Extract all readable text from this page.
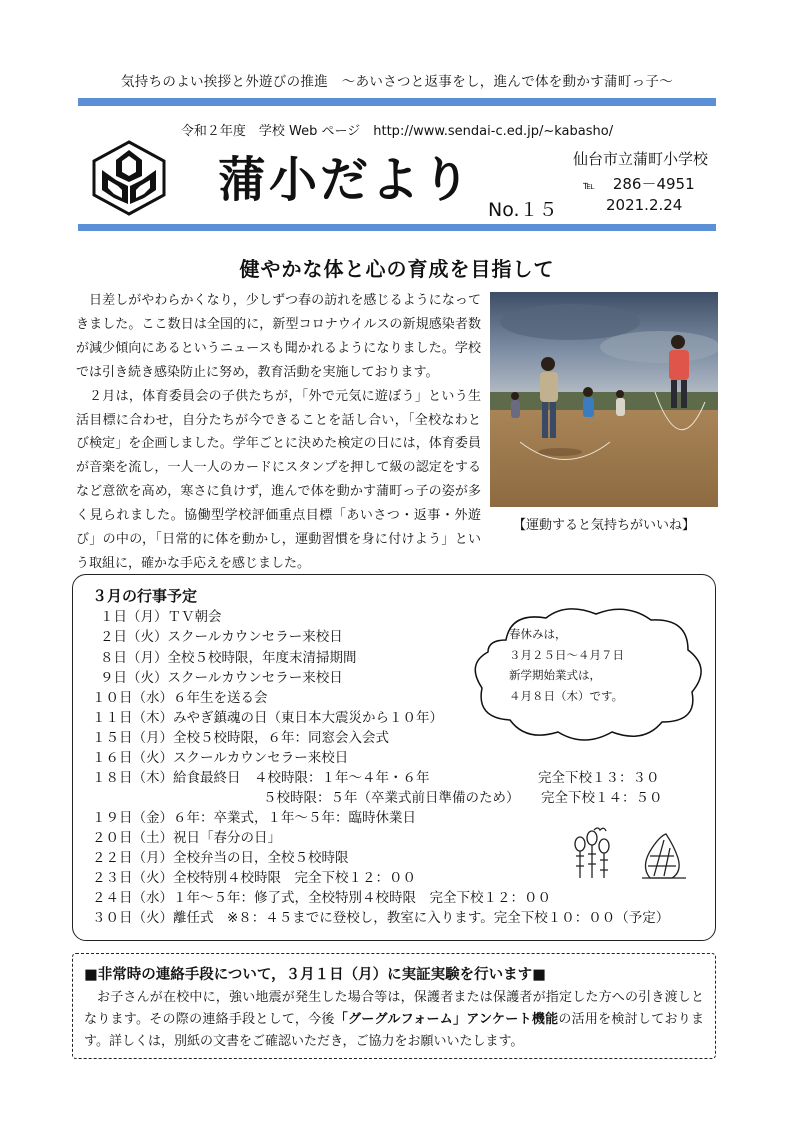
気持ちのよい挨拶と外遊びの推進　～あいさつと返事をし，進んで体を動かす蒲町っ子～
令和２年度　学校 Web ページ　http://www.sendai-c.ed.jp/~kabasho/
蒲小だより
No.１５
仙台市立蒲町小学校
℡ 286－4951
2021.2.24
健やかな体と心の育成を目指して

日差しがやわらかくなり，少しずつ春の訪れを感じるようになってきました。ここ数日は全国的に，新型コロナウイルスの新規感染者数が減少傾向にあるというニュースも聞かれるようになりました。学校では引き続き感染防止に努め，教育活動を実施しております。

２月は，体育委員会の子供たちが，「外で元気に遊ぼう」という生活目標に合わせ，自分たちが今できることを話し合い，「全校なわとび検定」を企画しました。学年ごとに決めた検定の日には，体育委員が音楽を流し，一人一人のカードにスタンプを押して級の認定をするなど意欲を高め，寒さに負けず，進んで体を動かす蒲町っ子の姿が多く見られました。協働型学校評価重点目標「あいさつ・返事・外遊び」の中の，「日常的に体を動かし，運動習慣を身に付けよう」という取組に，確かな手応えを感じました。

【運動すると気持ちがいいね】
３月の行事予定
１日（月）ＴＶ朝会
２日（火）スクールカウンセラー来校日
８日（月）全校５校時限，年度末清掃期間
９日（火）スクールカウンセラー来校日
１０日（水）６年生を送る会
１１日（木）みやぎ鎮魂の日（東日本大震災から１０年）
１５日（月）全校５校時限，６年：同窓会入会式
１６日（火）スクールカウンセラー来校日
１８日（木）給食最終日　４校時限：１年～４年・６年	完全下校１３：３０
５校時限：５年（卒業式前日準備のため） 完全下校１４：５０
１９日（金）６年：卒業式，１年～５年：臨時休業日
２０日（土）祝日「春分の日」
２２日（月）全校弁当の日，全校５校時限
２３日（火）全校特別４校時限　完全下校１２：００
２４日（水）１年～５年：修了式，全校特別４校時限　完全下校１２：００
３０日（火）離任式　※８：４５までに登校し，教室に入ります。完全下校１０：００（予定）
春休みは，
３月２５日～４月７日
新学期始業式は，
４月８日（木）です。
■非常時の連絡手段について，３月１日（月）に実証実験を行います■

お子さんが在校中に，強い地震が発生した場合等は，保護者または保護者が指定した方への引き渡しとなります。その際の連絡手段として，今後「グーグルフォーム」アンケート機能の活用を検討しております。詳しくは，別紙の文書をご確認いただき，ご協力をお願いいたします。
